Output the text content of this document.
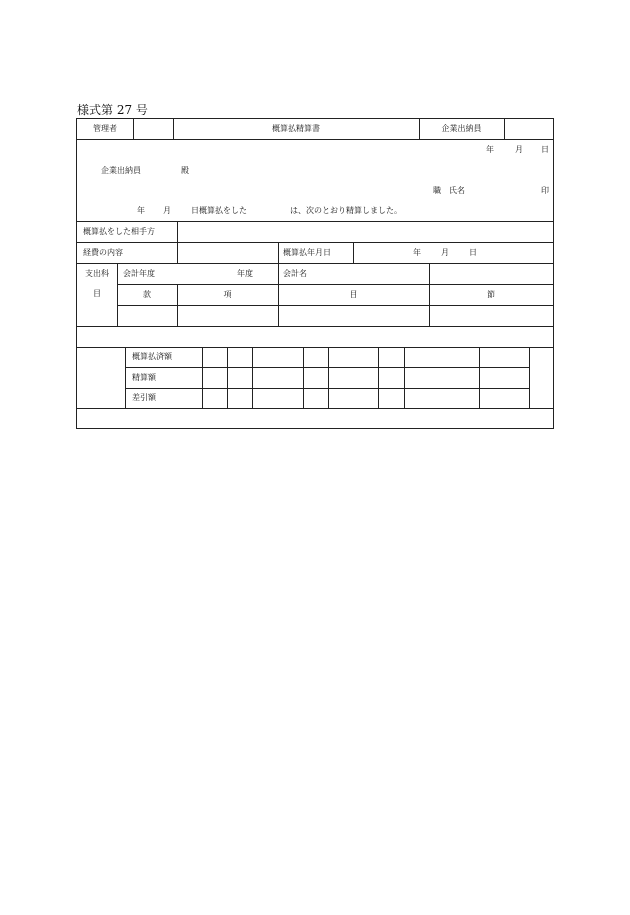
様式第 27 号
管理者	概算払精算書	企業出納員
年	月 日
企業出納員	殿
職　氏名	印
年 月	日概算払をした	は、次のとおり精算しました。
概算払をした相手方
経費の内容	概算払年月日	年	月	日
支出科
目
会計年度	年度	会計名
款	項	目	節
概算払済額
精算額
差引額
